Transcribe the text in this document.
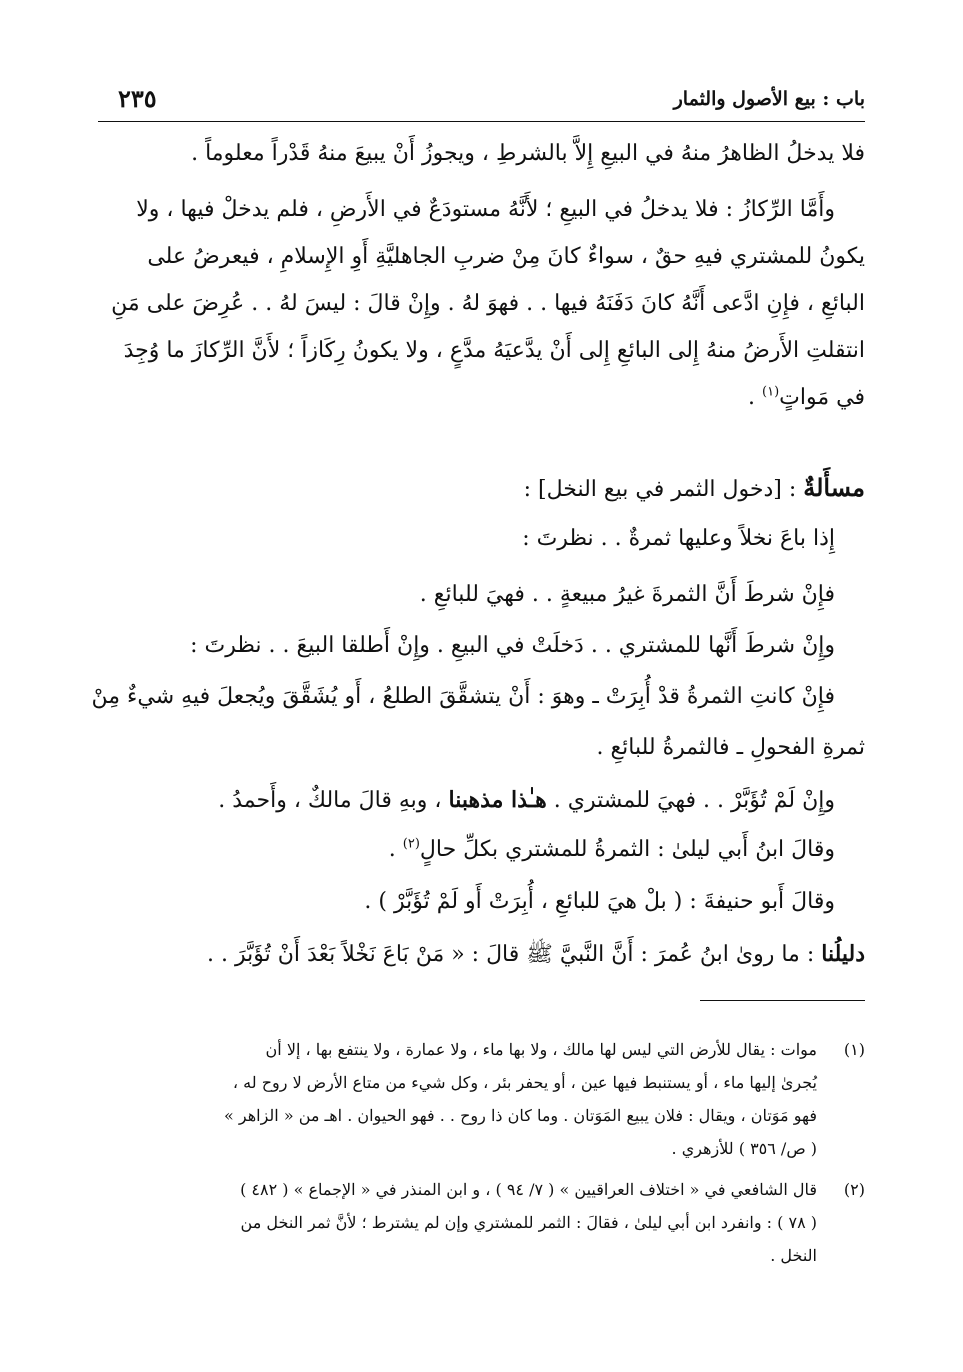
باب : بيع الأصول والثمار
٢٣٥
فلا يدخلُ الظاهرُ منهُ في البيعِ إِلاَّ بالشرطِ ، ويجوزُ أَنْ يبيعَ منهُ قَدْراً معلوماً .
وأَمَّا الرِّكازُ : فلا يدخلُ في البيعِ ؛ لأَنَّهُ مستودَعٌ في الأَرضِ ، فلم يدخلْ فيها ، ولا
يكونُ للمشتري فيهِ حقٌ ، سواءٌ كانَ مِنْ ضربِ الجاهليَّةِ أَوِ الإِسلامِ ، فيعرضُ على
البائعِ ، فإِنِ ادَّعى أَنَّهُ كانَ دَفَنَهُ فيها . . فهوَ لهُ . وإِنْ قالَ : ليسَ لهُ . . عُرِضَ على مَنِ
انتقلتِ الأَرضُ منهُ إِلى البائعِ إِلى أَنْ يدَّعيَهُ مدَّعٍ ، ولا يكونُ رِكَازاً ؛ لأَنَّ الرِّكازَ ما وُجِدَ
في مَواتٍ$^{(١)}$ .
مسأَلةٌ : [دخول الثمر في بيع النخل] :
إِذا باعَ نخلاً وعليها ثمرةٌ . . نظرتَ :
فإِنْ شرطَ أَنَّ الثمرةَ غيرُ مبيعةٍ . . فهيَ للبائعِ .
وإِنْ شرطَ أَنَّها للمشتري . . دَخلَتْ في البيعِ . وإِنْ أَطلقا البيعَ . . نظرتَ :
فإِنْ كانتِ الثمرةُ قدْ أُبِرَتْ ـ وهوَ : أَنْ يتشقَّقَ الطلعُ ، أَو يُشَقَّقَ ويُجعلَ فيهِ شيءٌ مِنْ
ثمرةِ الفحولِ ـ فالثمرةُ للبائعِ .
وإِنْ لَمْ تُؤَبَّرْ . . فهيَ للمشتري . هـٰذا مذهبنا ، وبهِ قالَ مالكٌ ، وأَحمدُ .
وقالَ ابنُ أَبي ليلىٰ : الثمرةُ للمشتري بكلِّ حالٍ$^{(٢)}$ .
وقالَ أَبو حنيفةَ : ( بلْ هيَ للبائعِ ، أُبِرَتْ أَو لَمْ تُؤَبَّرْ ) .
دليلُنا : ما روىٰ ابنُ عُمرَ : أَنَّ النَّبيَّ ﷺ قالَ : « مَنْ بَاعَ نَخْلاً بَعْدَ أَنْ تُؤَبَّرَ . .
(١)
موات : يقال للأرض التي ليس لها مالك ، ولا بها ماء ، ولا عمارة ، ولا ينتفع بها ، إلا أن
يُجرىٰ إليها ماء ، أو يستنبط فيها عين ، أو يحفر بئر ، وكل شيء من متاع الأرض لا روح له ،
فهو مَوَتان ، ويقال : فلان يبيع المَوَتان . وما كان ذا روح . . فهو الحيوان . اهـ من « الزاهر »
( ص/ ٣٥٦ ) للأزهري .
(٢)
قال الشافعي في « اختلاف العراقيين » ( ٧/ ٩٤ ) ، و ابن المنذر في « الإجماع » ( ٤٨٢ )
( ٧٨ ) : وانفرد ابن أبي ليلىٰ ، فقالَ : الثمر للمشتري وإن لم يشترط ؛ لأنَّ ثمر النخل من
النخل .
